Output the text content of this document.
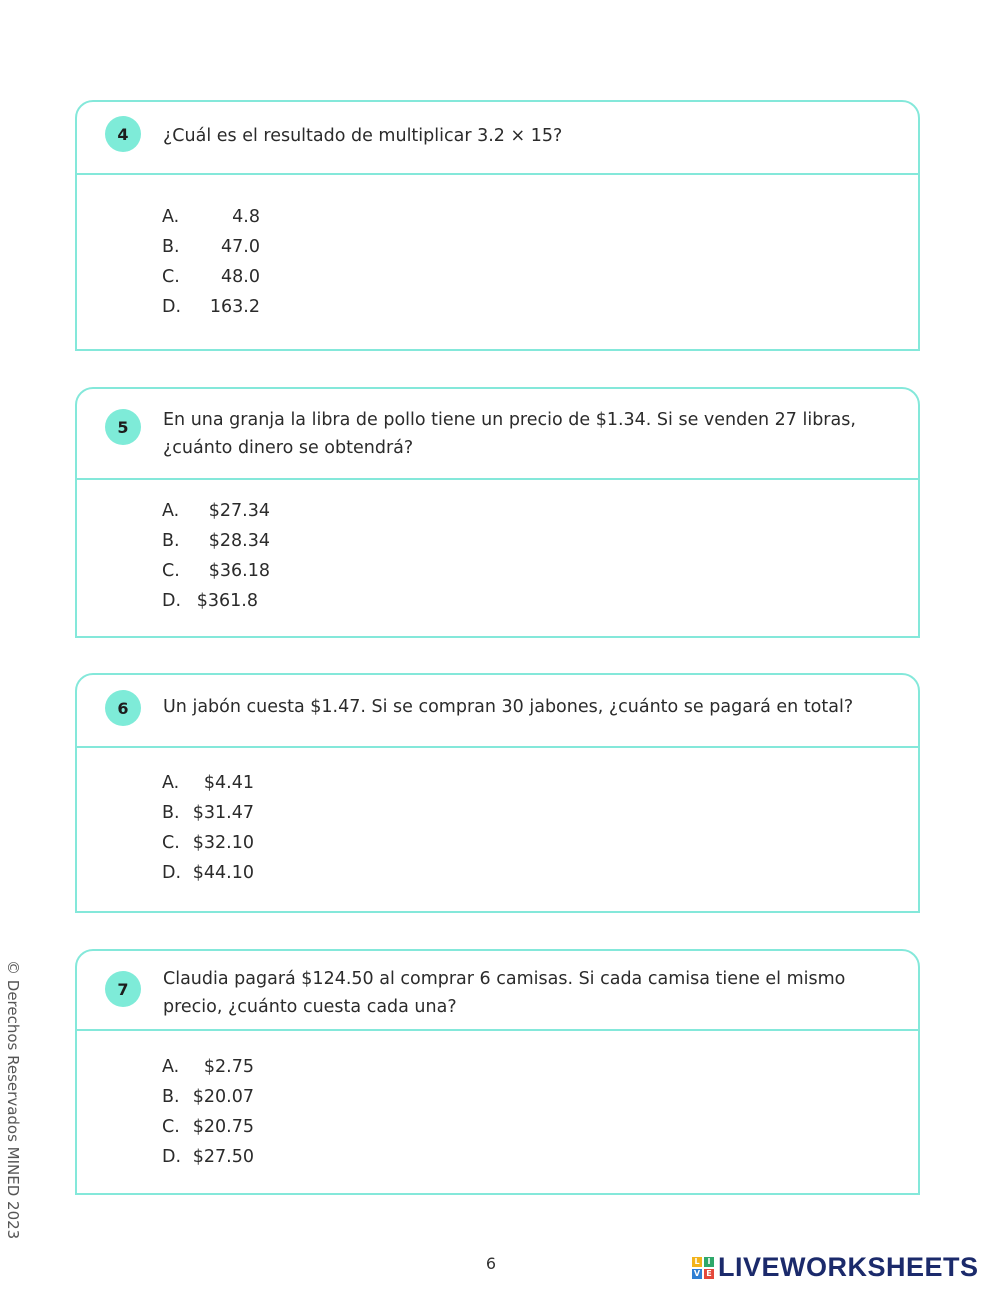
4	¿Cuál es el resultado de multiplicar 3.2 × 15?

A.	4.8
B.	47.0
C.	48.0
D.	163.2
5	En una granja la libra de pollo tiene un precio de $1.34. Si se venden 27 libras, ¿cuánto dinero se obtendrá?

A.	$27.34
B.	$28.34
C.	$36.18
D. $361.8
6	Un jabón cuesta $1.47. Si se compran 30 jabones, ¿cuánto se pagará en total?

A.	$4.41
B. $31.47
C. $32.10
D. $44.10
7	Claudia pagará $124.50 al comprar 6 camisas. Si cada camisa tiene el mismo precio, ¿cuánto cuesta cada una?

A.	$2.75
B. $20.07
C. $20.75
D. $27.50
© Derechos Reservados MINED 2023
6	L I
V E LIVEWORKSHEETS
